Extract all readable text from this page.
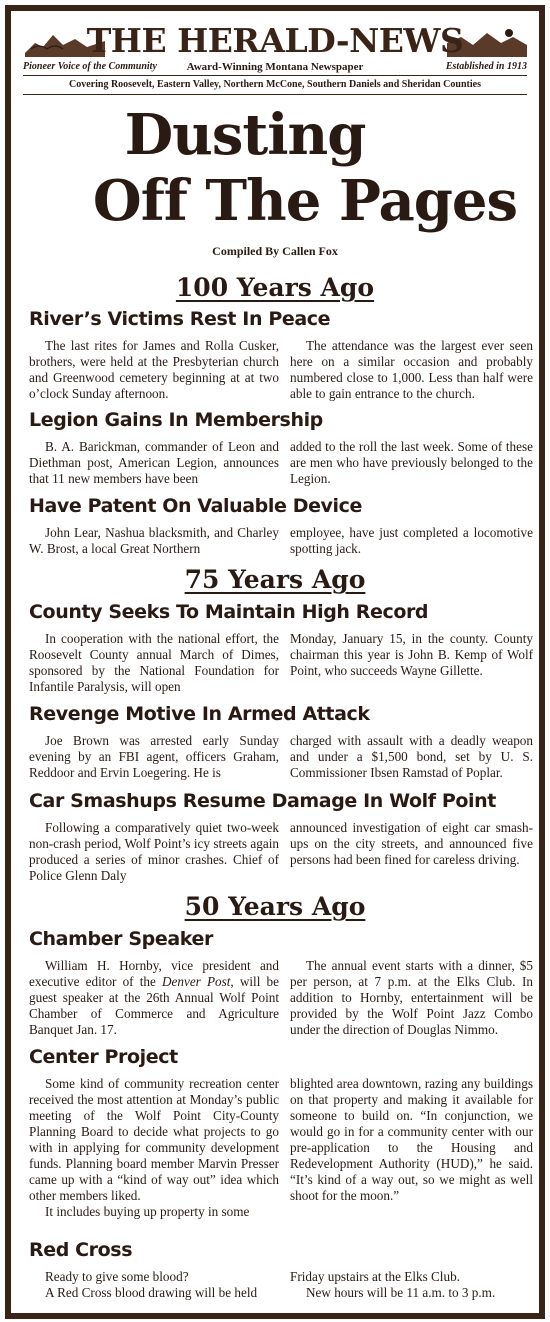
THE HERALD-NEWS
Award-Winning Montana Newspaper
Pioneer Voice of the Community	Established in 1913
Covering Roosevelt, Eastern Valley, Northern McCone, Southern Daniels and Sheridan Counties
Dusting
Off The Pages
Compiled By Callen Fox
100 Years Ago
River’s Victims Rest In Peace

The last rites for James and Rolla Cusker, brothers, were held at the Presbyterian church and Greenwood cemetery beginning at at two o’clock Sunday afternoon.

The attendance was the largest ever seen here on a similar occasion and probably numbered close to 1,000. Less than half were able to gain entrance to the church.

Legion Gains In Membership

B. A. Barickman, commander of Leon and Diethman post, American Legion, announces that 11 new members have been

added to the roll the last week. Some of these are men who have previously belonged to the Legion.

Have Patent On Valuable Device

John Lear, Nashua blacksmith, and Charley W. Brost, a local Great Northern

employee, have just completed a locomotive spotting jack.

75 Years Ago
County Seeks To Maintain High Record

In cooperation with the national effort, the Roosevelt County annual March of Dimes, sponsored by the National Foundation for Infantile Paralysis, will open

Monday, January 15, in the county. County chairman this year is John B. Kemp of Wolf Point, who succeeds Wayne Gillette.

Revenge Motive In Armed Attack

Joe Brown was arrested early Sunday evening by an FBI agent, officers Graham, Reddoor and Ervin Loegering. He is

charged with assault with a deadly weapon and under a $1,500 bond, set by U. S. Commissioner Ibsen Ramstad of Poplar.

Car Smashups Resume Damage In Wolf Point

Following a comparatively quiet two-week non-crash period, Wolf Point’s icy streets again produced a series of minor crashes. Chief of Police Glenn Daly

announced investigation of eight car smash-ups on the city streets, and announced five persons had been fined for careless driving.

50 Years Ago
Chamber Speaker

William H. Hornby, vice president and executive editor of the Denver Post, will be guest speaker at the 26th Annual Wolf Point Chamber of Commerce and Agriculture Banquet Jan. 17.

The annual event starts with a dinner, $5 per person, at 7 p.m. at the Elks Club. In addition to Hornby, entertainment will be provided by the Wolf Point Jazz Combo under the direction of Douglas Nimmo.

Center Project

Some kind of community recreation center received the most attention at Monday’s public meeting of the Wolf Point City-County Planning Board to decide what projects to go with in applying for community development funds. Planning board member Marvin Presser came up with a “kind of way out” idea which other members liked.

It includes buying up property in some

blighted area downtown, razing any buildings on that property and making it available for someone to build on. “In conjunction, we would go in for a community center with our pre-application to the Housing and Redevelopment Authority (HUD),” he said. “It’s kind of a way out, so we might as well shoot for the moon.”

Red Cross

Ready to give some blood?

A Red Cross blood drawing will be held

Friday upstairs at the Elks Club.

New hours will be 11 a.m. to 3 p.m.
